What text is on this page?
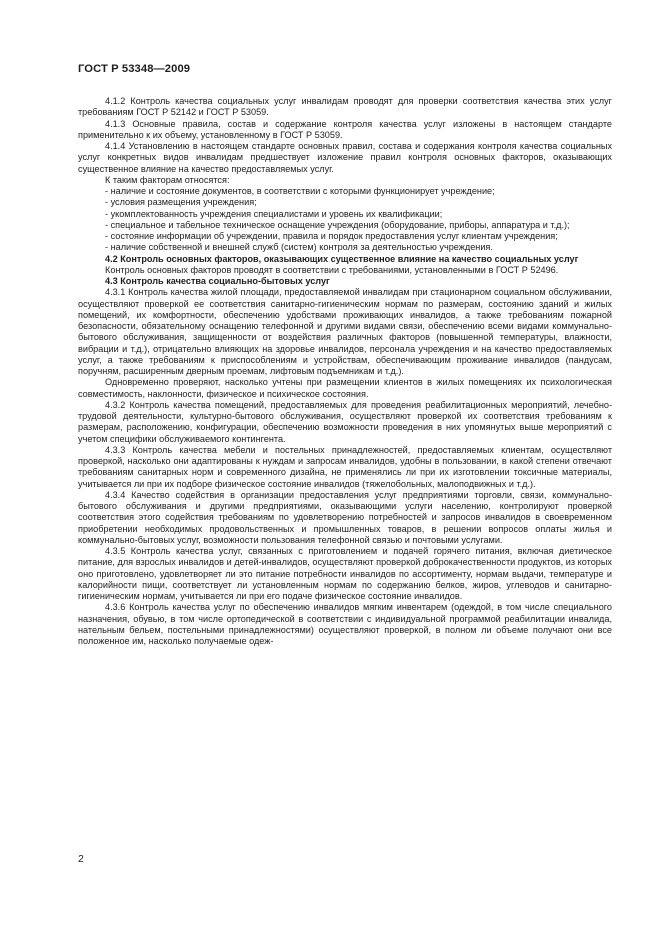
ГОСТ Р 53348—2009

4.1.2 Контроль качества социальных услуг инвалидам проводят для проверки соответствия качества этих услуг требованиям ГОСТ Р 52142 и ГОСТ Р 53059.

4.1.3 Основные правила, состав и содержание контроля качества услуг изложены в настоящем стандарте применительно к их объему, установленному в ГОСТ Р 53059.

4.1.4 Установлению в настоящем стандарте основных правил, состава и содержания контроля качества социальных услуг конкретных видов инвалидам предшествует изложение правил контроля основных факторов, оказывающих существенное влияние на качество предоставляемых услуг.

К таким факторам относятся:

- наличие и состояние документов, в соответствии с которыми функционирует учреждение;

- условия размещения учреждения;

- укомплектованность учреждения специалистами и уровень их квалификации;

- специальное и табельное техническое оснащение учреждения (оборудование, приборы, аппаратура и т.д.);

- состояние информации об учреждении, правила и порядок предоставления услуг клиентам учреждения;

- наличие собственной и внешней служб (систем) контроля за деятельностью учреждения.

4.2 Контроль основных факторов, оказывающих существенное влияние на качество социальных услуг

Контроль основных факторов проводят в соответствии с требованиями, установленными в ГОСТ Р 52496.

4.3 Контроль качества социально-бытовых услуг

4.3.1 Контроль качества жилой площади, предоставляемой инвалидам при стационарном социальном обслуживании, осуществляют проверкой ее соответствия санитарно-гигиеническим нормам по размерам, состоянию зданий и жилых помещений, их комфортности, обеспечению удобствами проживающих инвалидов, а также требованиям пожарной безопасности, обязательному оснащению телефонной и другими видами связи, обеспечению всеми видами коммунально-бытового обслуживания, защищенности от воздействия различных факторов (повышенной температуры, влажности, вибрации и т.д.), отрицательно влияющих на здоровье инвалидов, персонала учреждения и на качество предоставляемых услуг, а также требованиям к приспособлениям и устройствам, обеспечивающим проживание инвалидов (пандусам, поручням, расширенным дверным проемам, лифтовым подъемникам и т.д.).

Одновременно проверяют, насколько учтены при размещении клиентов в жилых помещениях их психологическая совместимость, наклонности, физическое и психическое состояния.

4.3.2 Контроль качества помещений, предоставляемых для проведения реабилитационных мероприятий, лечебно-трудовой деятельности, культурно-бытового обслуживания, осуществляют проверкой их соответствия требованиям к размерам, расположению, конфигурации, обеспечению возможности проведения в них упомянутых выше мероприятий с учетом специфики обслуживаемого контингента.

4.3.3 Контроль качества мебели и постельных принадлежностей, предоставляемых клиентам, осуществляют проверкой, насколько они адаптированы к нуждам и запросам инвалидов, удобны в пользовании, в какой степени отвечают требованиям санитарных норм и современного дизайна, не применялись ли при их изготовлении токсичные материалы, учитывается ли при их подборе физическое состояние инвалидов (тяжелобольных, малоподвижных и т.д.).

4.3.4 Качество содействия в организации предоставления услуг предприятиями торговли, связи, коммунально-бытового обслуживания и другими предприятиями, оказывающими услуги населению, контролируют проверкой соответствия этого содействия требованиям по удовлетворению потребностей и запросов инвалидов в своевременном приобретении необходимых продовольственных и промышленных товаров, в решении вопросов оплаты жилья и коммунально-бытовых услуг, возможности пользования телефонной связью и почтовыми услугами.

4.3.5 Контроль качества услуг, связанных с приготовлением и подачей горячего питания, включая диетическое питание, для взрослых инвалидов и детей-инвалидов, осуществляют проверкой доброкачественности продуктов, из которых оно приготовлено, удовлетворяет ли это питание потребности инвалидов по ассортименту, нормам выдачи, температуре и калорийности пищи, соответствует ли установленным нормам по содержанию белков, жиров, углеводов и санитарно-гигиеническим нормам, учитывается ли при его подаче физическое состояние инвалидов.

4.3.6 Контроль качества услуг по обеспечению инвалидов мягким инвентарем (одеждой, в том числе специального назначения, обувью, в том числе ортопедической в соответствии с индивидуальной программой реабилитации инвалида, нательным бельем, постельными принадлежностями) осуществляют проверкой, в полном ли объеме получают они все положенное им, насколько получаемые одеж-

2
